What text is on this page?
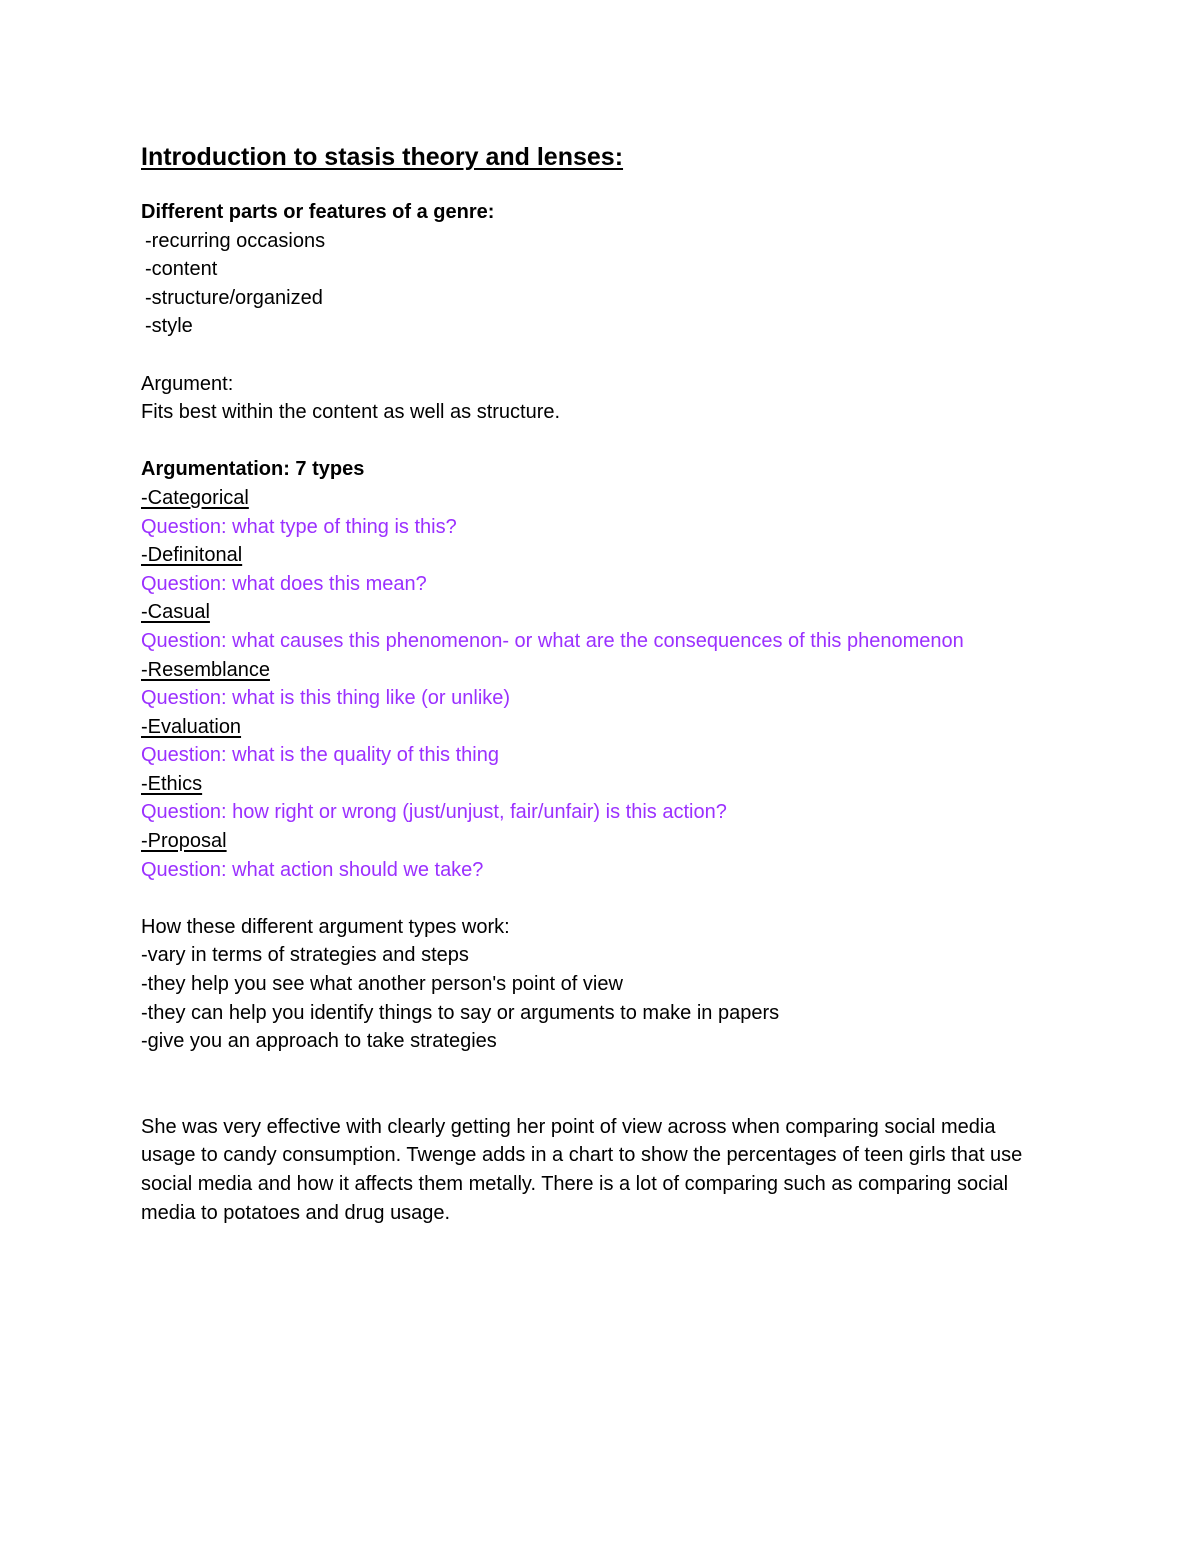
Introduction to stasis theory and lenses:
Different parts or features of a genre:
-recurring occasions
-content
-structure/organized
-style
Argument:
Fits best within the content as well as structure.
Argumentation: 7 types
-Categorical
Question: what type of thing is this?
-Definitonal
Question: what does this mean?
-Casual
Question: what causes this phenomenon- or what are the consequences of this phenomenon
-Resemblance
Question: what is this thing like (or unlike)
-Evaluation
Question: what is the quality of this thing
-Ethics
Question: how right or wrong (just/unjust, fair/unfair) is this action?
-Proposal
Question: what action should we take?
How these different argument types work:
-vary in terms of strategies and steps
-they help you see what another person's point of view
-they can help you identify things to say or arguments to make in papers
-give you an approach to take strategies

She was very effective with clearly getting her point of view across when comparing social media usage to candy consumption. Twenge adds in a chart to show the percentages of teen girls that use social media and how it affects them metally. There is a lot of comparing such as comparing social media to potatoes and drug usage.
